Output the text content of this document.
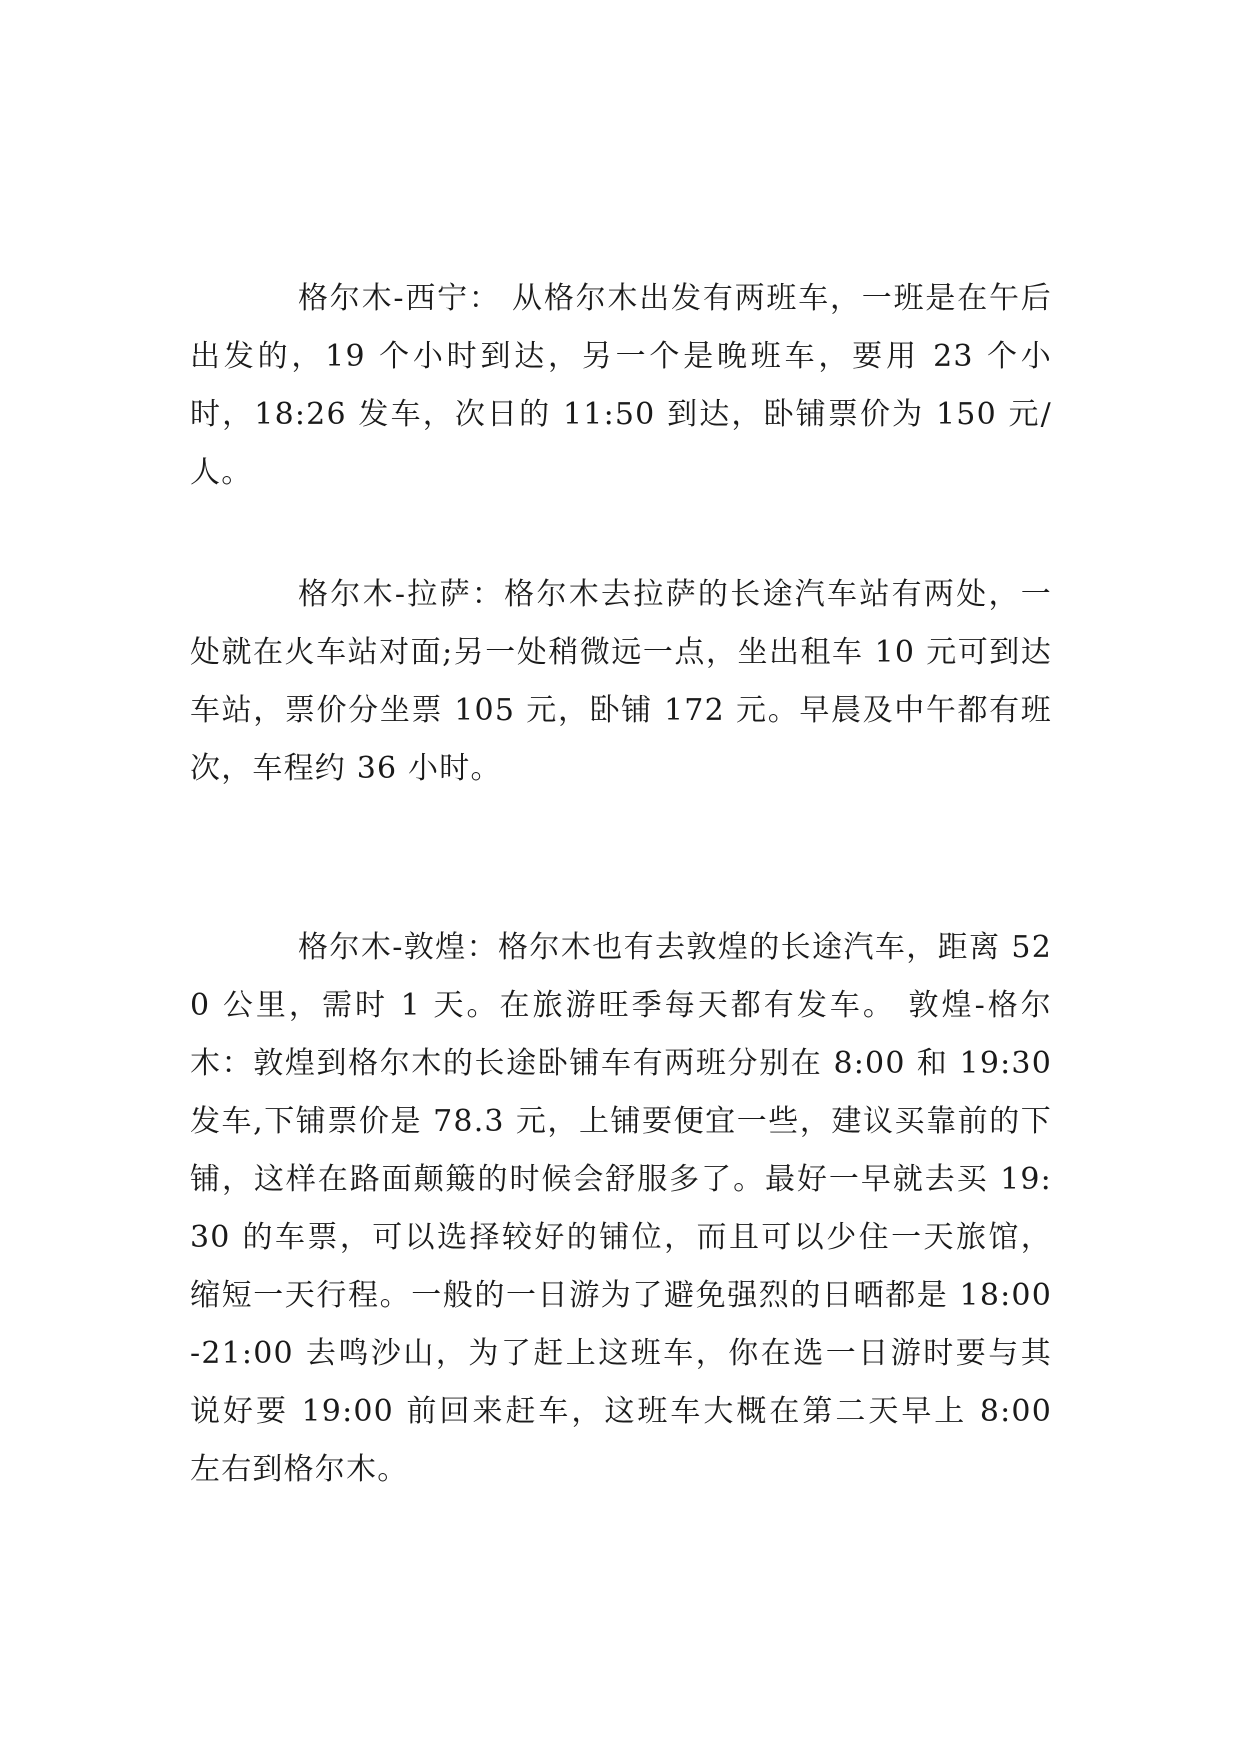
格尔木-西宁： 从格尔木出发有两班车，一班是在午后出发的，19 个小时到达，另一个是晚班车，要用 23 个小时，18:26 发车，次日的 11:50 到达，卧铺票价为 150 元/人。

格尔木-拉萨：格尔木去拉萨的长途汽车站有两处，一处就在火车站对面;另一处稍微远一点，坐出租车 10 元可到达车站，票价分坐票 105 元，卧铺 172 元。早晨及中午都有班次，车程约 36 小时。

格尔木-敦煌：格尔木也有去敦煌的长途汽车，距离 520 公里，需时 1 天。在旅游旺季每天都有发车。 敦煌-格尔木：敦煌到格尔木的长途卧铺车有两班分别在 8:00 和 19:30 发车,下铺票价是 78.3 元，上铺要便宜一些，建议买靠前的下铺，这样在路面颠簸的时候会舒服多了。最好一早就去买 19:30 的车票，可以选择较好的铺位，而且可以少住一天旅馆，缩短一天行程。一般的一日游为了避免强烈的日晒都是 18:00-21:00 去鸣沙山，为了赶上这班车，你在选一日游时要与其说好要 19:00 前回来赶车，这班车大概在第二天早上 8:00 左右到格尔木。
